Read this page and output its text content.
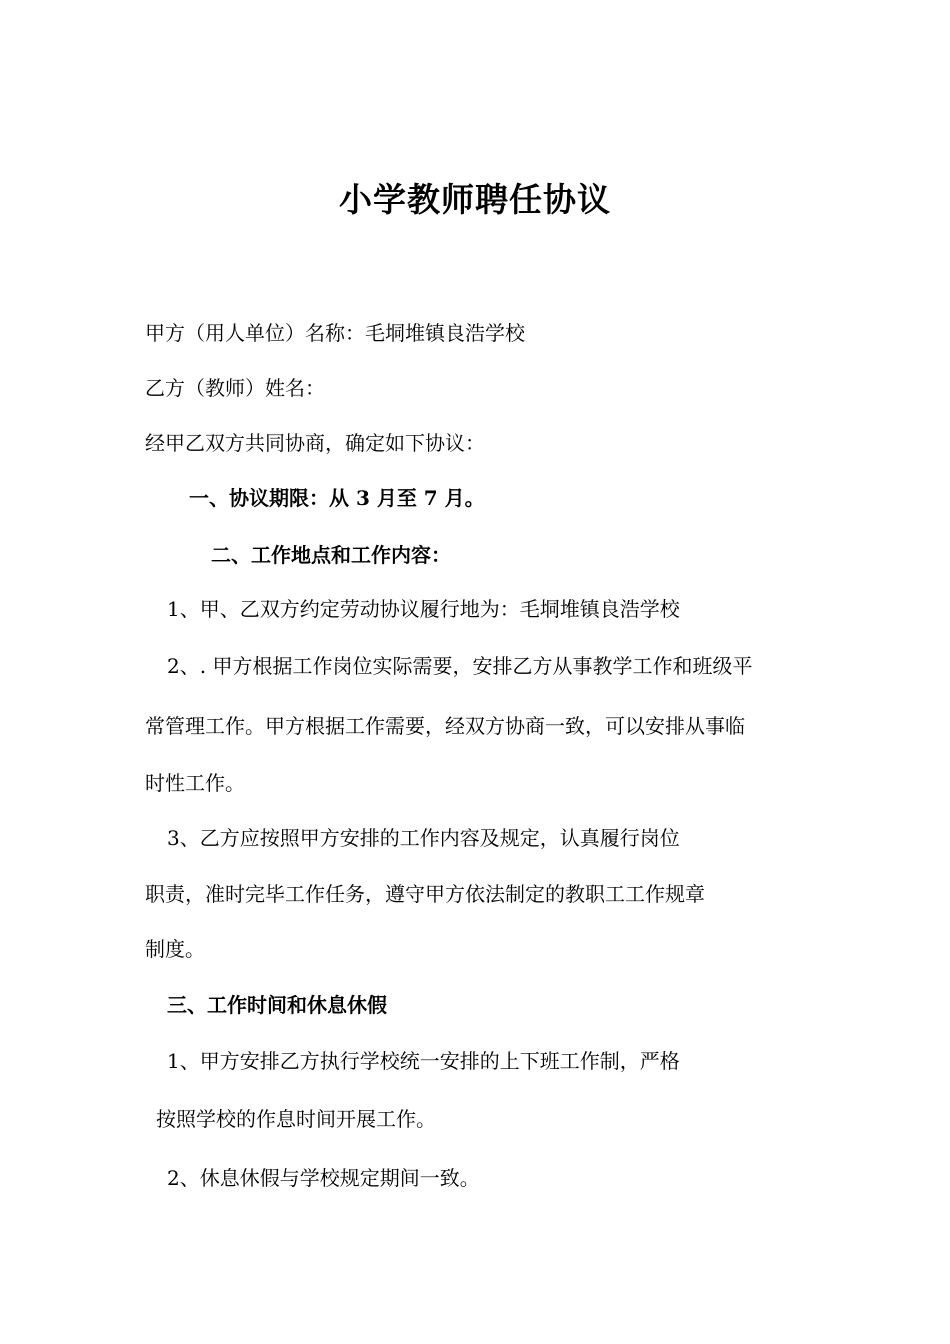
小学教师聘任协议
甲方（用人单位）名称：毛垌堆镇良浩学校
乙方（教师）姓名：
经甲乙双方共同协商，确定如下协议：
一、协议期限：从 3 月至 7 月。
二、工作地点和工作内容：
1、甲、乙双方约定劳动协议履行地为：毛垌堆镇良浩学校
2、. 甲方根据工作岗位实际需要，安排乙方从事教学工作和班级平
常管理工作。甲方根据工作需要，经双方协商一致，可以安排从事临
时性工作。
3、乙方应按照甲方安排的工作内容及规定，认真履行岗位
职责，准时完毕工作任务，遵守甲方依法制定的教职工工作规章
制度。
三、工作时间和休息休假
1、甲方安排乙方执行学校统一安排的上下班工作制，严格
按照学校的作息时间开展工作。
2、休息休假与学校规定期间一致。
